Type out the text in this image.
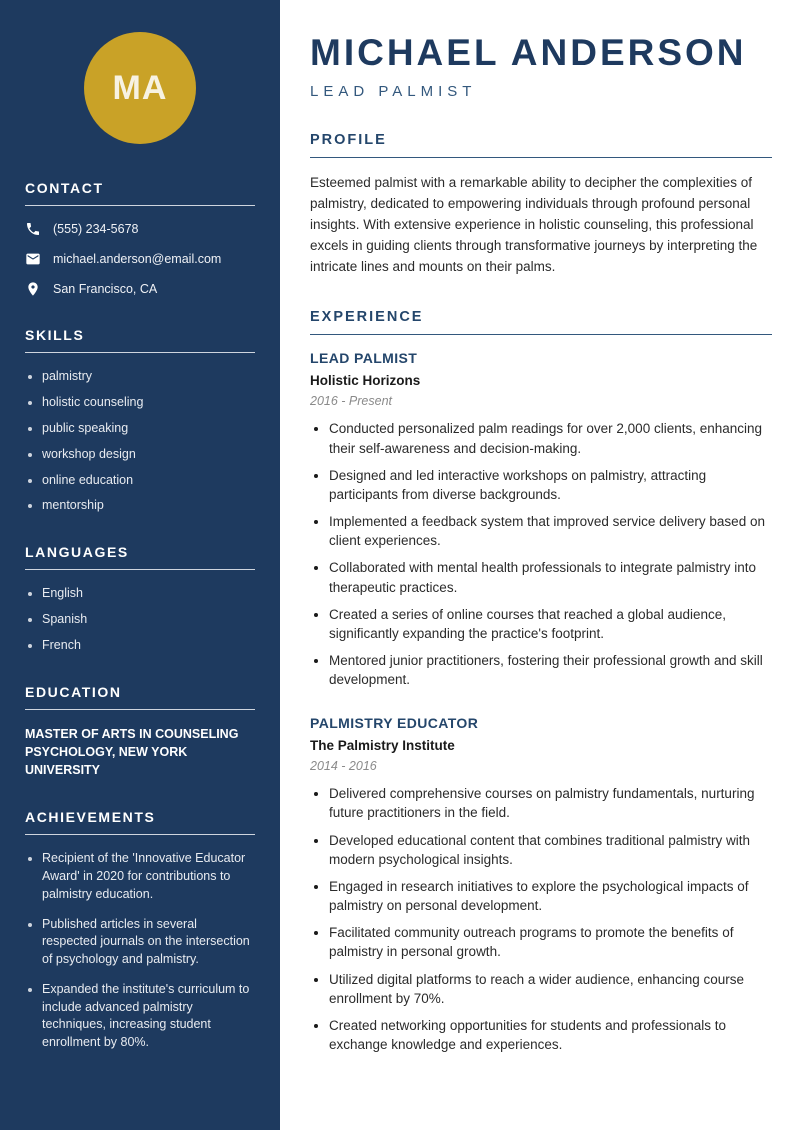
MA
CONTACT
(555) 234-5678
michael.anderson@email.com
San Francisco, CA
SKILLS
• palmistry
• holistic counseling
• public speaking
• workshop design
• online education
• mentorship
LANGUAGES
• English
• Spanish
• French
EDUCATION

MASTER OF ARTS IN COUNSELING PSYCHOLOGY, NEW YORK UNIVERSITY

ACHIEVEMENTS
• Recipient of the 'Innovative Educator Award' in 2020 for contributions to palmistry education.
• Published articles in several respected journals on the intersection of psychology and palmistry.
• Expanded the institute's curriculum to include advanced palmistry techniques, increasing student enrollment by 80%.
MICHAEL ANDERSON
LEAD PALMIST
PROFILE

Esteemed palmist with a remarkable ability to decipher the complexities of palmistry, dedicated to empowering individuals through profound personal insights. With extensive experience in holistic counseling, this professional excels in guiding clients through transformative journeys by interpreting the intricate lines and mounts on their palms.

EXPERIENCE
LEAD PALMIST
Holistic Horizons
2016 - Present
• Conducted personalized palm readings for over 2,000 clients, enhancing their self-awareness and decision-making.
• Designed and led interactive workshops on palmistry, attracting participants from diverse backgrounds.
• Implemented a feedback system that improved service delivery based on client experiences.
• Collaborated with mental health professionals to integrate palmistry into therapeutic practices.
• Created a series of online courses that reached a global audience, significantly expanding the practice's footprint.
• Mentored junior practitioners, fostering their professional growth and skill development.
PALMISTRY EDUCATOR
The Palmistry Institute
2014 - 2016
• Delivered comprehensive courses on palmistry fundamentals, nurturing future practitioners in the field.
• Developed educational content that combines traditional palmistry with modern psychological insights.
• Engaged in research initiatives to explore the psychological impacts of palmistry on personal development.
• Facilitated community outreach programs to promote the benefits of palmistry in personal growth.
• Utilized digital platforms to reach a wider audience, enhancing course enrollment by 70%.
• Created networking opportunities for students and professionals to exchange knowledge and experiences.
